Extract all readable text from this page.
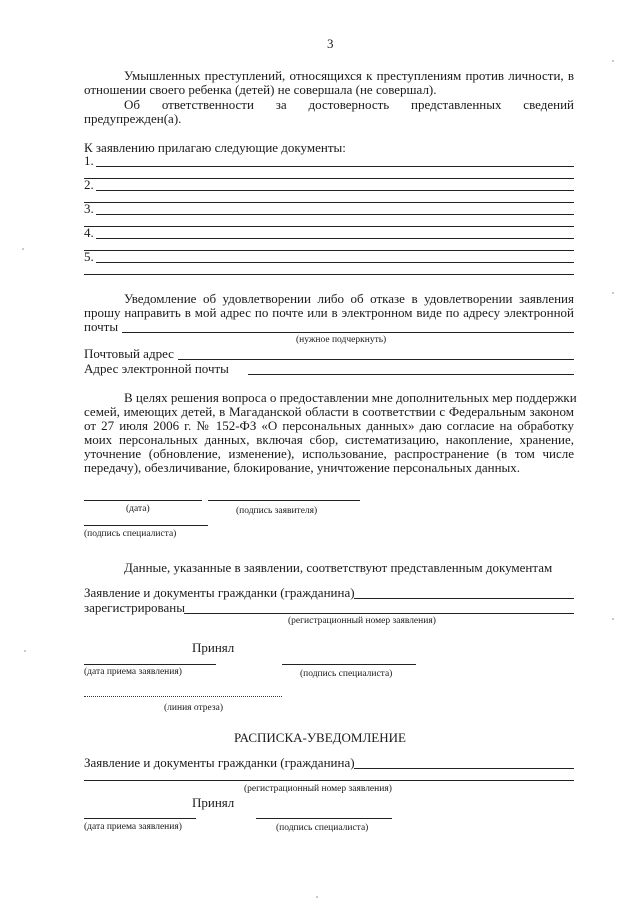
3
Умышленных преступлений, относящихся к преступлениям против личности, в
отношении своего ребенка (детей) не совершала (не совершал).
Об ответственности за достоверность представленных сведений
предупрежден(а).
К заявлению прилагаю следующие документы:
1.
2.
3.
4.
5.
Уведомление об удовлетворении либо об отказе в удовлетворении заявления
прошу направить в мой адрес по почте или в электронном виде по адресу электронной
почты
(нужное подчеркнуть)
Почтовый адрес
Адрес электронной почты
В целях решения вопроса о предоставлении мне дополнительных мер поддержки
семей, имеющих детей, в Магаданской области в соответствии с Федеральным законом
от 27 июля 2006 г. № 152-ФЗ «О персональных данных» даю согласие на обработку
моих персональных данных, включая сбор, систематизацию, накопление, хранение,
уточнение (обновление, изменение), использование, распространение (в том числе
передачу), обезличивание, блокирование, уничтожение персональных данных.
(дата)	(подпись заявителя)
(подпись специалиста)
Данные, указанные в заявлении, соответствуют представленным документам
Заявление и документы гражданки (гражданина)
зарегистрированы
(регистрационный номер заявления)
Принял
(дата приема заявления)	(подпись специалиста)
(линия отреза)
РАСПИСКА-УВЕДОМЛЕНИЕ
Заявление и документы гражданки (гражданина)
(регистрационный номер заявления)
Принял
(дата приема заявления)	(подпись специалиста)
